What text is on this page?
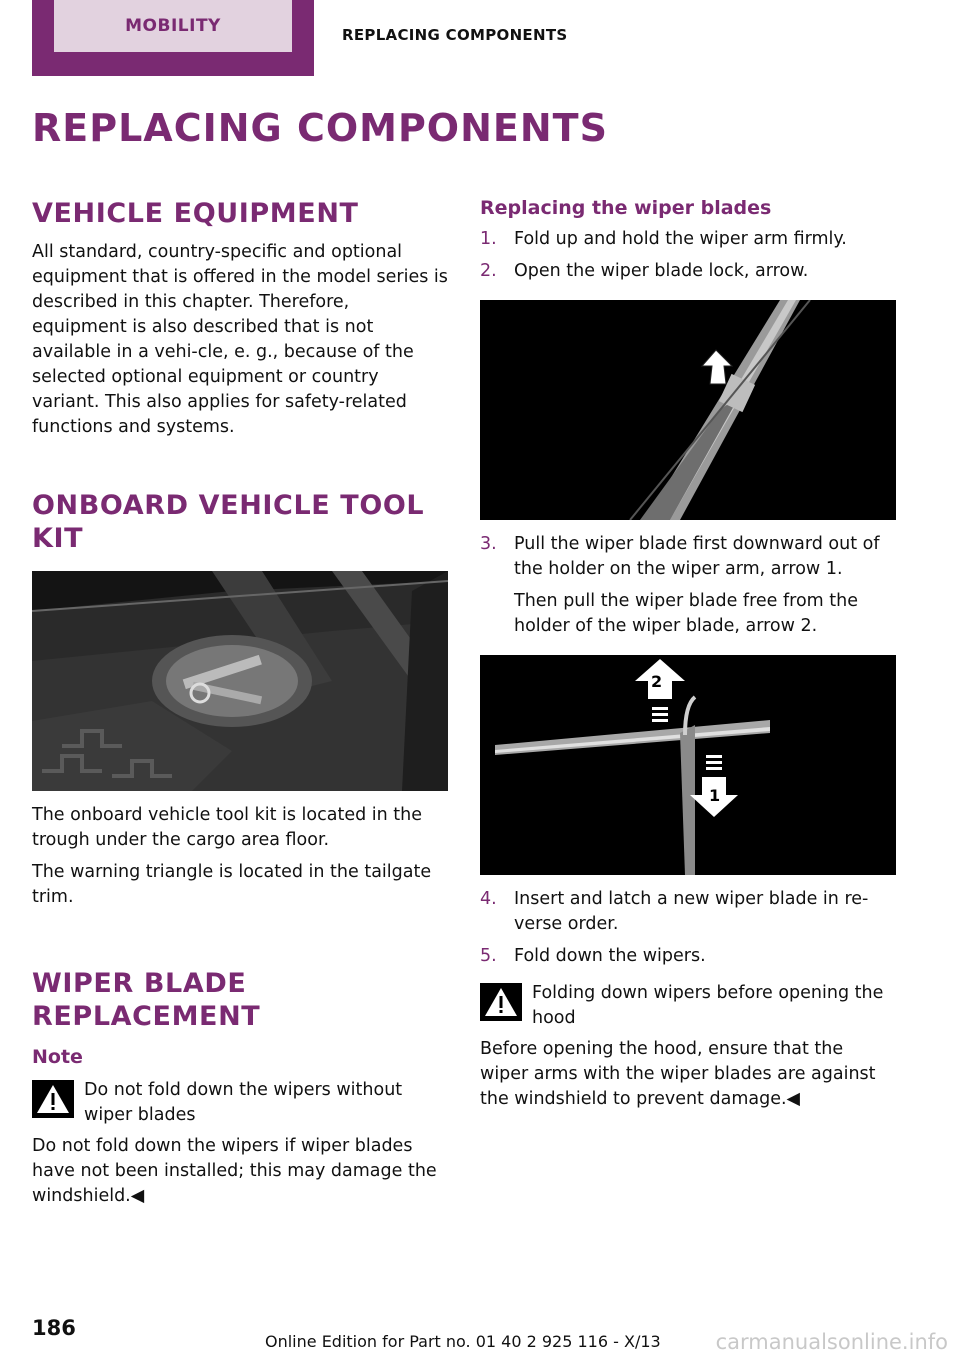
MOBILITY	REPLACING COMPONENTS
REPLACING COMPONENTS
VEHICLE EQUIPMENT

All standard, country-specific and optional equipment that is offered in the model series is described in this chapter. Therefore, equipment is also described that is not available in a vehi-cle, e. g., because of the selected optional equipment or country variant. This also applies for safety-related functions and systems.

ONBOARD VEHICLE TOOL KIT

The onboard vehicle tool kit is located in the trough under the cargo area floor.

The warning triangle is located in the tailgate trim.

WIPER BLADE REPLACEMENT
Note
Do not fold down the wipers without wiper blades

Do not fold down the wipers if wiper blades have not been installed; this may damage the windshield.◀

Replacing the wiper blades
1. Fold up and hold the wiper arm firmly.
2. Open the wiper blade lock, arrow.
3. Pull the wiper blade first downward out of the holder on the wiper arm, arrow 1.
Then pull the wiper blade free from the holder of the wiper blade, arrow 2.
2
1
4. Insert and latch a new wiper blade in re-verse order.
5. Fold down the wipers.
Folding down wipers before opening the hood

Before opening the hood, ensure that the wiper arms with the wiper blades are against the windshield to prevent damage.◀

186
Online Edition for Part no. 01 40 2 925 116 - X/13	carmanualsonline.info
